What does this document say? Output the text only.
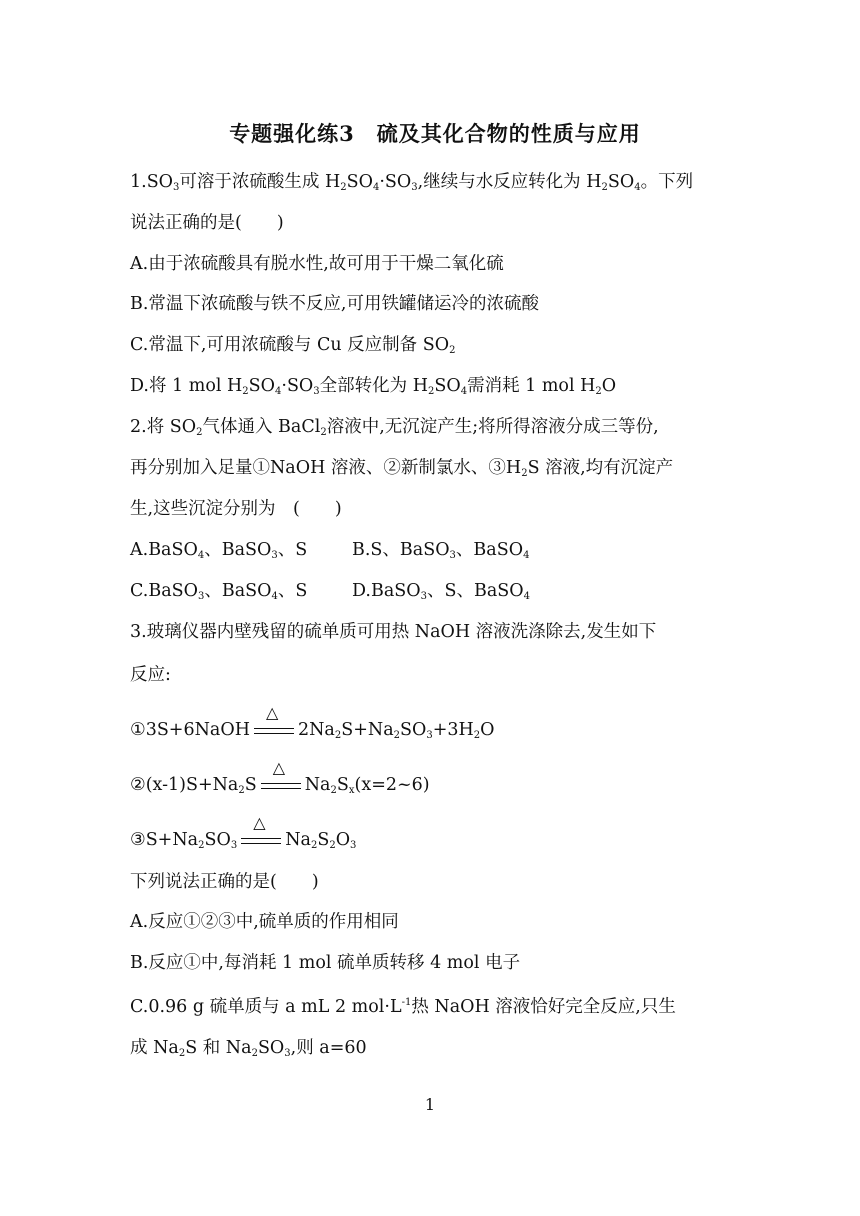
专题强化练3　硫及其化合物的性质与应用
$1.SO_3$可溶于浓硫酸生成 $H_2SO_4\cdot SO_3$,继续与水反应转化为 $H_2SO_4$。下列
说法正确的是(　　)
A.由于浓硫酸具有脱水性,故可用于干燥二氧化硫
B.常温下浓硫酸与铁不反应,可用铁罐储运冷的浓硫酸
C.常温下,可用浓硫酸与 Cu 反应制备 $SO_2$
D.将 1 mol $H_2SO_4\cdot SO_3$全部转化为 $H_2SO_4$需消耗 1 mol $H_2O$
2.将 $SO_2$气体通入 BaCl$_2$溶液中,无沉淀产生;将所得溶液分成三等份,
再分别加入足量①NaOH 溶液、②新制氯水、$③H_2S$ 溶液,均有沉淀产
生,这些沉淀分别为　(　　)
A.BaSO$_4$、BaSO$_3$、S	B.S、BaSO$_3$、BaSO$_4$
C.BaSO$_3$、BaSO$_4$、S	D.BaSO$_3$、S、BaSO$_4$
3.玻璃仪器内壁残留的硫单质可用热 NaOH 溶液洗涤除去,发生如下
反应:
①3S+6NaOH
△
$2Na_2S+Na_2SO_3+3H_2O$
$②(x-1)S+Na_2S$
△
$Na_2S_x(x=2\sim 6)$
$③S+Na_2SO_3$
△
$Na_2S_2O_3$
下列说法正确的是(　　)
A.反应①②③中,硫单质的作用相同
B.反应①中,每消耗 1 mol 硫单质转移 4 mol 电子
C.0.96 g 硫单质与 a mL 2 $mol\cdot L^{-1}$热 NaOH 溶液恰好完全反应,只生
成 $Na_2S$ 和 $Na_2SO_3$,则 a=60
1
